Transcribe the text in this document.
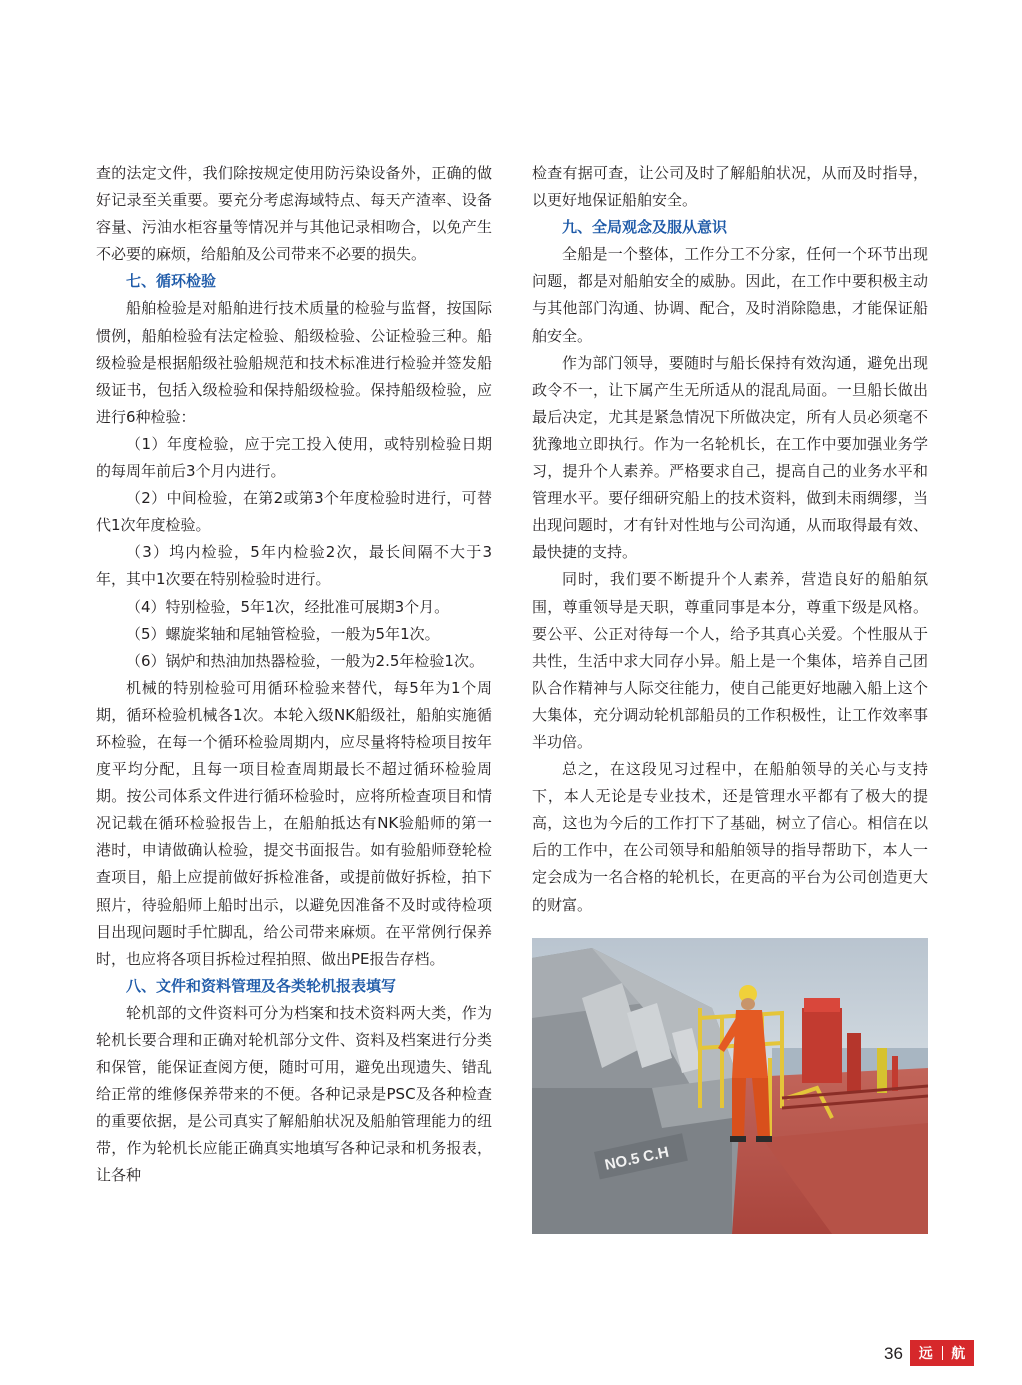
查的法定文件，我们除按规定使用防污染设备外，正确的做好记录至关重要。要充分考虑海域特点、每天产渣率、设备容量、污油水柜容量等情况并与其他记录相吻合，以免产生不必要的麻烦，给船舶及公司带来不必要的损失。

七、循环检验

船舶检验是对船舶进行技术质量的检验与监督，按国际惯例，船舶检验有法定检验、船级检验、公证检验三种。船级检验是根据船级社验船规范和技术标准进行检验并签发船级证书，包括入级检验和保持船级检验。保持船级检验，应进行6种检验：

（1）年度检验，应于完工投入使用，或特别检验日期的每周年前后3个月内进行。

（2）中间检验，在第2或第3个年度检验时进行，可替代1次年度检验。

（3）坞内检验，5年内检验2次，最长间隔不大于3年，其中1次要在特别检验时进行。

（4）特别检验，5年1次，经批准可展期3个月。

（5）螺旋桨轴和尾轴管检验，一般为5年1次。

（6）锅炉和热油加热器检验，一般为2.5年检验1次。

机械的特别检验可用循环检验来替代，每5年为1个周期，循环检验机械各1次。本轮入级NK船级社，船舶实施循环检验，在每一个循环检验周期内，应尽量将特检项目按年度平均分配，且每一项目检查周期最长不超过循环检验周期。按公司体系文件进行循环检验时，应将所检查项目和情况记载在循环检验报告上，在船舶抵达有NK验船师的第一港时，申请做确认检验，提交书面报告。如有验船师登轮检查项目，船上应提前做好拆检准备，或提前做好拆检，拍下照片，待验船师上船时出示，以避免因准备不及时或待检项目出现问题时手忙脚乱，给公司带来麻烦。在平常例行保养时，也应将各项目拆检过程拍照、做出PE报告存档。

八、文件和资料管理及各类轮机报表填写

轮机部的文件资料可分为档案和技术资料两大类，作为轮机长要合理和正确对轮机部分文件、资料及档案进行分类和保管，能保证查阅方便，随时可用，避免出现遗失、错乱给正常的维修保养带来的不便。各种记录是PSC及各种检查的重要依据，是公司真实了解船舶状况及船舶管理能力的纽带，作为轮机长应能正确真实地填写各种记录和机务报表，让各种

检查有据可查，让公司及时了解船舶状况，从而及时指导，以更好地保证船舶安全。

九、全局观念及服从意识

全船是一个整体，工作分工不分家，任何一个环节出现问题，都是对船舶安全的威胁。因此，在工作中要积极主动与其他部门沟通、协调、配合，及时消除隐患，才能保证船舶安全。

作为部门领导，要随时与船长保持有效沟通，避免出现政令不一，让下属产生无所适从的混乱局面。一旦船长做出最后决定，尤其是紧急情况下所做决定，所有人员必须毫不犹豫地立即执行。作为一名轮机长，在工作中要加强业务学习，提升个人素养。严格要求自己，提高自己的业务水平和管理水平。要仔细研究船上的技术资料，做到未雨绸缪，当出现问题时，才有针对性地与公司沟通，从而取得最有效、最快捷的支持。

同时，我们要不断提升个人素养，营造良好的船舶氛围，尊重领导是天职，尊重同事是本分，尊重下级是风格。要公平、公正对待每一个人，给予其真心关爱。个性服从于共性，生活中求大同存小异。船上是一个集体，培养自己团队合作精神与人际交往能力，使自己能更好地融入船上这个大集体，充分调动轮机部船员的工作积极性，让工作效率事半功倍。

总之，在这段见习过程中，在船舶领导的关心与支持下，本人无论是专业技术，还是管理水平都有了极大的提高，这也为今后的工作打下了基础，树立了信心。相信在以后的工作中，在公司领导和船舶领导的指导帮助下，本人一定会成为一名合格的轮机长，在更高的平台为公司创造更大的财富。

NO.5 C.H
36 远 航
